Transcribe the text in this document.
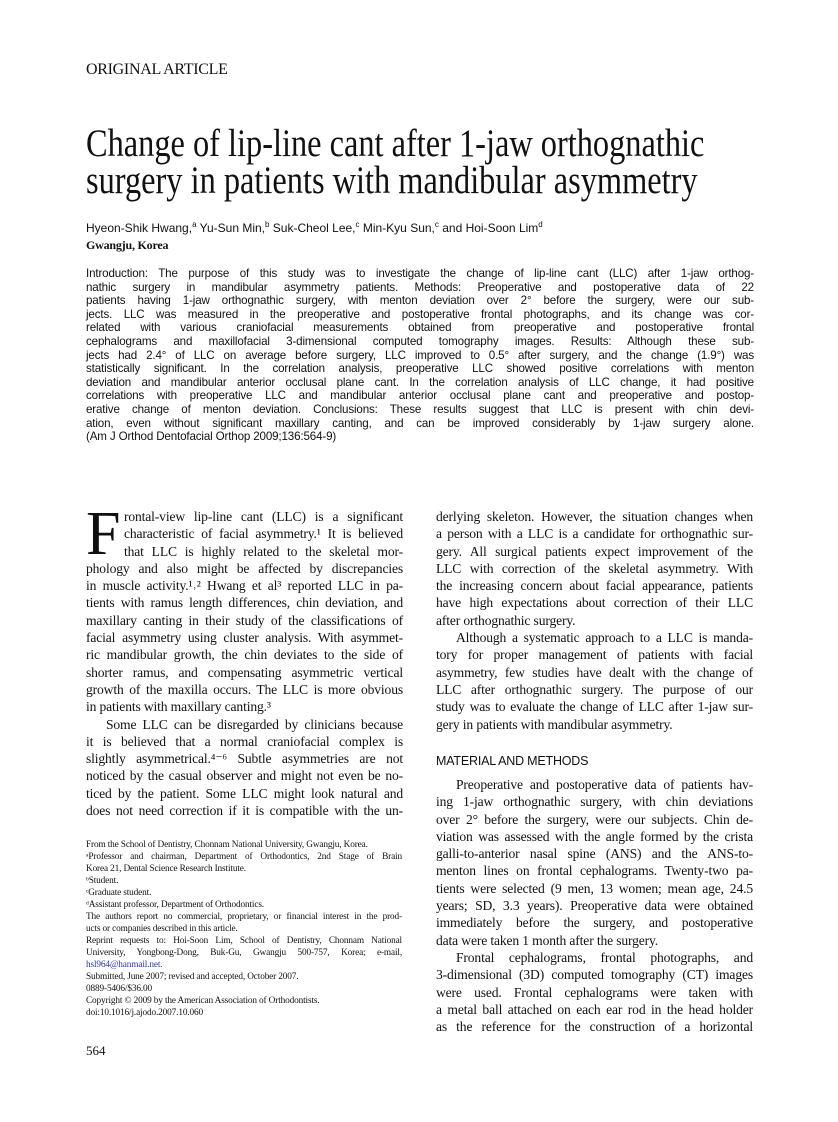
ORIGINAL ARTICLE
Change of lip-line cant after 1-jaw orthognathic
surgery in patients with mandibular asymmetry
Hyeon-Shik Hwang,$^a$ Yu-Sun Min,$^b$ Suk-Cheol Lee,$^c$ Min-Kyu Sun,$^c$ and Hoi-Soon Lim$^d$
Gwangju, Korea
Introduction: The purpose of this study was to investigate the change of lip-line cant (LLC) after 1-jaw orthog-
nathic surgery in mandibular asymmetry patients. Methods: Preoperative and postoperative data of 22
patients having 1-jaw orthognathic surgery, with menton deviation over 2° before the surgery, were our sub-
jects. LLC was measured in the preoperative and postoperative frontal photographs, and its change was cor-
related with various craniofacial measurements obtained from preoperative and postoperative frontal
cephalograms and maxillofacial 3-dimensional computed tomography images. Results: Although these sub-
jects had 2.4° of LLC on average before surgery, LLC improved to 0.5° after surgery, and the change (1.9°) was
statistically significant. In the correlation analysis, preoperative LLC showed positive correlations with menton
deviation and mandibular anterior occlusal plane cant. In the correlation analysis of LLC change, it had positive
correlations with preoperative LLC and mandibular anterior occlusal plane cant and preoperative and postop-
erative change of menton deviation. Conclusions: These results suggest that LLC is present with chin devi-
ation, even without significant maxillary canting, and can be improved considerably by 1-jaw surgery alone.
(Am J Orthod Dentofacial Orthop 2009;136:564-9)
F rontal-view lip-line cant (LLC) is a significant
characteristic of facial asymmetry.¹ It is believed
that LLC is highly related to the skeletal mor-
phology and also might be affected by discrepancies
in muscle activity.¹˒² Hwang et al³ reported LLC in pa-
tients with ramus length differences, chin deviation, and
maxillary canting in their study of the classifications of
facial asymmetry using cluster analysis. With asymmet-
ric mandibular growth, the chin deviates to the side of
shorter ramus, and compensating asymmetric vertical
growth of the maxilla occurs. The LLC is more obvious
in patients with maxillary canting.³
Some LLC can be disregarded by clinicians because
it is believed that a normal craniofacial complex is
slightly asymmetrical.⁴⁻⁶ Subtle asymmetries are not
noticed by the casual observer and might not even be no-
ticed by the patient. Some LLC might look natural and
does not need correction if it is compatible with the un-
derlying skeleton. However, the situation changes when
a person with a LLC is a candidate for orthognathic sur-
gery. All surgical patients expect improvement of the
LLC with correction of the skeletal asymmetry. With
the increasing concern about facial appearance, patients
have high expectations about correction of their LLC
after orthognathic surgery.
Although a systematic approach to a LLC is manda-
tory for proper management of patients with facial
asymmetry, few studies have dealt with the change of
LLC after orthognathic surgery. The purpose of our
study was to evaluate the change of LLC after 1-jaw sur-
gery in patients with mandibular asymmetry.
MATERIAL AND METHODS
Preoperative and postoperative data of patients hav-
ing 1-jaw orthognathic surgery, with chin deviations
over 2° before the surgery, were our subjects. Chin de-
viation was assessed with the angle formed by the crista
galli-to-anterior nasal spine (ANS) and the ANS-to-
menton lines on frontal cephalograms. Twenty-two pa-
tients were selected (9 men, 13 women; mean age, 24.5
years; SD, 3.3 years). Preoperative data were obtained
immediately before the surgery, and postoperative
data were taken 1 month after the surgery.
Frontal cephalograms, frontal photographs, and
3-dimensional (3D) computed tomography (CT) images
were used. Frontal cephalograms were taken with
a metal ball attached on each ear rod in the head holder
as the reference for the construction of a horizontal
From the School of Dentistry, Chonnam National University, Gwangju, Korea.
ᵃProfessor and chairman, Department of Orthodontics, 2nd Stage of Brain
Korea 21, Dental Science Research Institute.
ᵇStudent.
ᶜGraduate student.
ᵈAssistant professor, Department of Orthodontics.
The authors report no commercial, proprietary, or financial interest in the prod-
ucts or companies described in this article.
Reprint requests to: Hoi-Soon Lim, School of Dentistry, Chonnam National
University, Yongbong-Dong, Buk-Gu, Gwangju 500-757, Korea; e-mail,
hsl964@hanmail.net.
Submitted, June 2007; revised and accepted, October 2007.
0889-5406/$36.00
Copyright © 2009 by the American Association of Orthodontists.
doi:10.1016/j.ajodo.2007.10.060
564
